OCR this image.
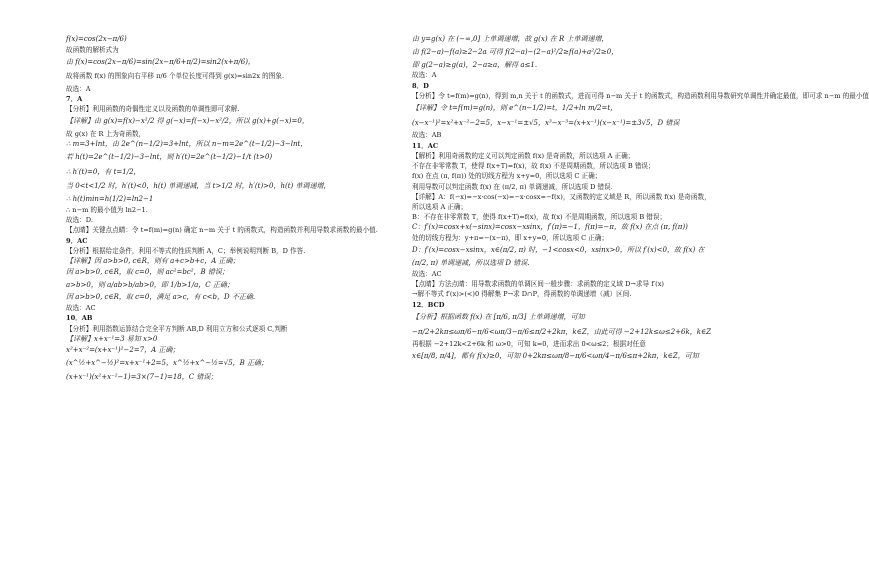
f(x)=cos(2x−π/6)

故函数的解析式为

由 f(x)=cos(2x−π/6)=sin(2x−π/6+π/2)=sin2(x+π/6)，

故将函数 f(x) 的图象向右平移 π/6 个单位长度可得到 g(x)=sin2x 的图象.

故选：A

7．A

【分析】利用函数的奇偶性定义以及函数的单调性即可求解.

【详解】由 g(x)=f(x)−x²/2 得 g(−x)=f(−x)−x²/2，所以 g(x)+g(−x)=0，

故 g(x) 在 R 上为奇函数，

∴ m=3+lnt，由 2e^(n−1/2)=3+lnt，所以 n−m=2e^(t−1/2)−3−lnt，

若 h(t)=2e^(t−1/2)−3−lnt，则 h′(t)=2e^(t−1/2)−1/t (t>0)

∴ h′(t)=0，有 t=1/2，

当 0<t<1/2 时，h′(t)<0，h(t) 单调递减，当 t>1/2 时，h′(t)>0，h(t) 单调递增，

∴ h(t)min=h(1/2)=ln2−1

∴ n−m 的最小值为 ln2−1.

故选：D.

【点睛】关键点点睛：令 t=f(m)=g(n) 确定 n−m 关于 t 的函数式，构造函数并利用导数求函数的最小值.

9．AC

【分析】根据给定条件，利用不等式的性质判断 A，C；举例说明判断 B，D 作答.

【详解】因 a>b>0, c∈R，则有 a+c>b+c，A 正确；

因 a>b>0, c∈R，取 c=0，则 ac²=bc²，B 错误；

a>b>0，则 a/ab>b/ab>0，即 1/b>1/a，C 正确；

因 a>b>0, c∈R，取 c=0，满足 a>c，有 c<b，D 不正确.

故选：AC

10．AB

【分析】利用指数运算结合完全平方判断 AB,D 利用立方和公式逐项 C,判断

【详解】x+x⁻¹=3 易知 x>0

x²+x⁻²=(x+x⁻¹)²−2=7，A 正确；

(x^½+x^−½)²=x+x⁻¹+2=5，x^½+x^−½=√5，B 正确；

(x+x⁻¹)(x²+x⁻²−1)=3×(7−1)=18，C 错误；

由 y=g(x) 在 (−∞,0] 上单调递增，故 g(x) 在 R 上单调递增，

由 f(2−a)−f(a)≥2−2a 可得 f(2−a)−(2−a)²/2≥f(a)+a²/2≥0，

即 g(2−a)≥g(a)，2−a≥a，解得 a≤1.

故选：A

8．D

【分析】令 t=f(m)=g(n)，得到 m,n 关于 t 的函数式，进而可得 n−m 关于 t 的函数式，构造函数利用导数研究单调性并确定最值，即可求 n−m 的最小值

【详解】令 t=f(m)=g(n)，则 e^(n−1/2)=t，1/2+ln m/2=t，

(x−x⁻¹)²=x²+x⁻²−2=5，x−x⁻¹=±√5，x³−x⁻³=(x+x⁻¹)(x−x⁻¹)=±3√5，D 错误

故选：AB

11．AC

【解析】利用奇函数的定义可以判定函数 f(x) 是奇函数，所以选项 A 正确；

不存在非零常数 T，使得 f(x+T)=f(x)，故 f(x) 不是周期函数，所以选项 B 错误；

f(x) 在点 (π, f(π)) 处的切线方程为 x+y=0，所以选项 C 正确；

利用导数可以判定函数 f(x) 在 (π/2, π) 单调递减，所以选项 D 错误.

【详解】A：f(−x)=−x·cos(−x)=−x·cosx=−f(x)，又函数的定义域是 R，所以函数 f(x) 是奇函数，

所以选项 A 正确；

B：不存在非零常数 T，使得 f(x+T)=f(x)，故 f(x) 不是周期函数，所以选项 B 错误；

C：f′(x)=cosx+x(−sinx)=cosx−xsinx，f′(π)=−1，f(π)=−π，故 f(x) 在点 (π, f(π))

处的切线方程为：y+π=−(x−π)，即 x+y=0，所以选项 C 正确；

D：f′(x)=cosx−xsinx，x∈(π/2, π) 时，−1<cosx<0，xsinx>0，所以 f′(x)<0，故 f(x) 在

(π/2, π) 单调递减，所以选项 D 错误.

故选：AC

【点睛】方法点睛：用导数求函数的单调区间一般步骤：求函数的定义域 D→求导 f′(x)

→解不等式 f′(x)>(<)0 得解集 P→求 D∩P，得函数的单调递增（减）区间.

12．BCD

【分析】根据函数 f(x) 在 [π/6, π/3] 上单调递增，可知

−π/2+2kπ≤ωπ/6−π/6<ωπ/3−π/6≤π/2+2kπ，k∈Z，由此可得 −2+12k≤ω≤2+6k，k∈Z

再根据 −2+12k<2+6k 和 ω>0，可知 k=0，进而求出 0<ω≤2；根据对任意

x∈[π/8, π/4]，都有 f(x)≥0，可知 0+2kπ≤ωπ/8−π/6<ωπ/4−π/6≤π+2kπ，k∈Z，可知
